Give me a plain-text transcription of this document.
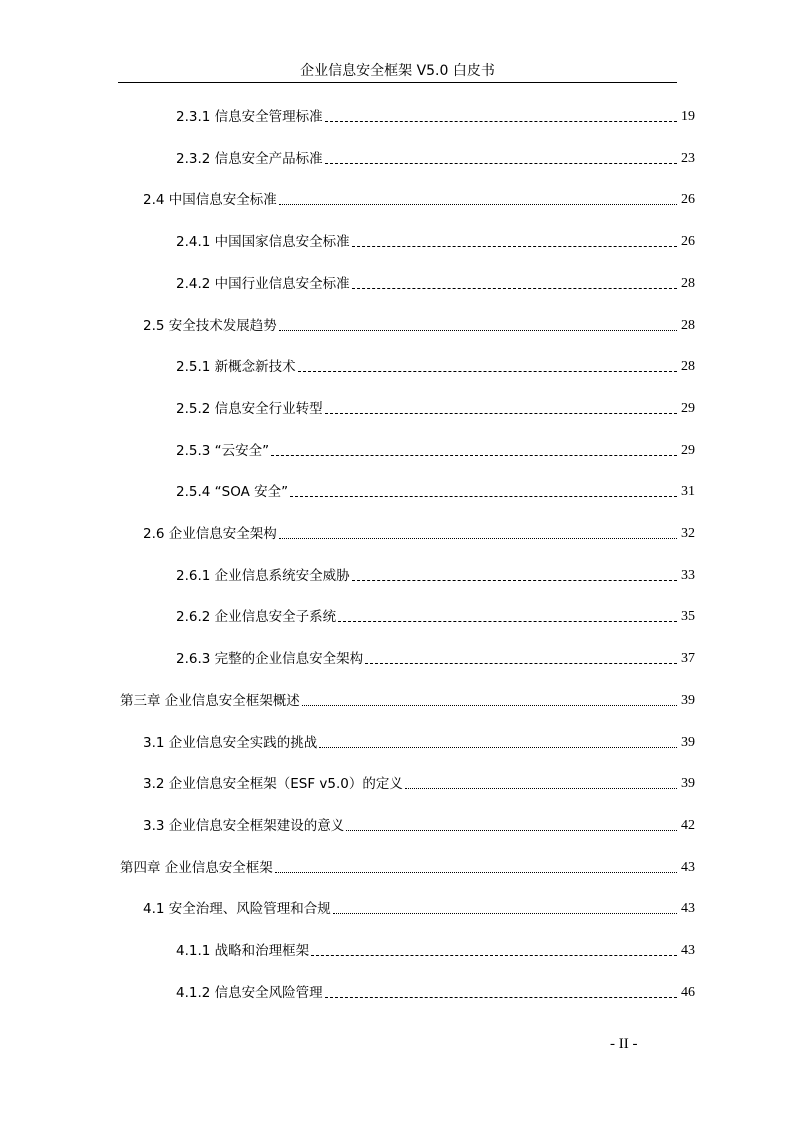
企业信息安全框架 V5.0 白皮书
2.3.1 信息安全管理标准	19
2.3.2 信息安全产品标准	23
2.4 中国信息安全标准	26
2.4.1 中国国家信息安全标准	26
2.4.2 中国行业信息安全标准	28
2.5 安全技术发展趋势	28
2.5.1 新概念新技术	28
2.5.2 信息安全行业转型	29
2.5.3 “云安全”	29
2.5.4 “SOA 安全”	31
2.6 企业信息安全架构	32
2.6.1 企业信息系统安全威胁	33
2.6.2 企业信息安全子系统	35
2.6.3 完整的企业信息安全架构	37
第三章 企业信息安全框架概述	39
3.1 企业信息安全实践的挑战	39
3.2 企业信息安全框架（ESF v5.0）的定义	39
3.3 企业信息安全框架建设的意义	42
第四章 企业信息安全框架	43
4.1 安全治理、风险管理和合规	43
4.1.1 战略和治理框架	43
4.1.2 信息安全风险管理	46
- II -
